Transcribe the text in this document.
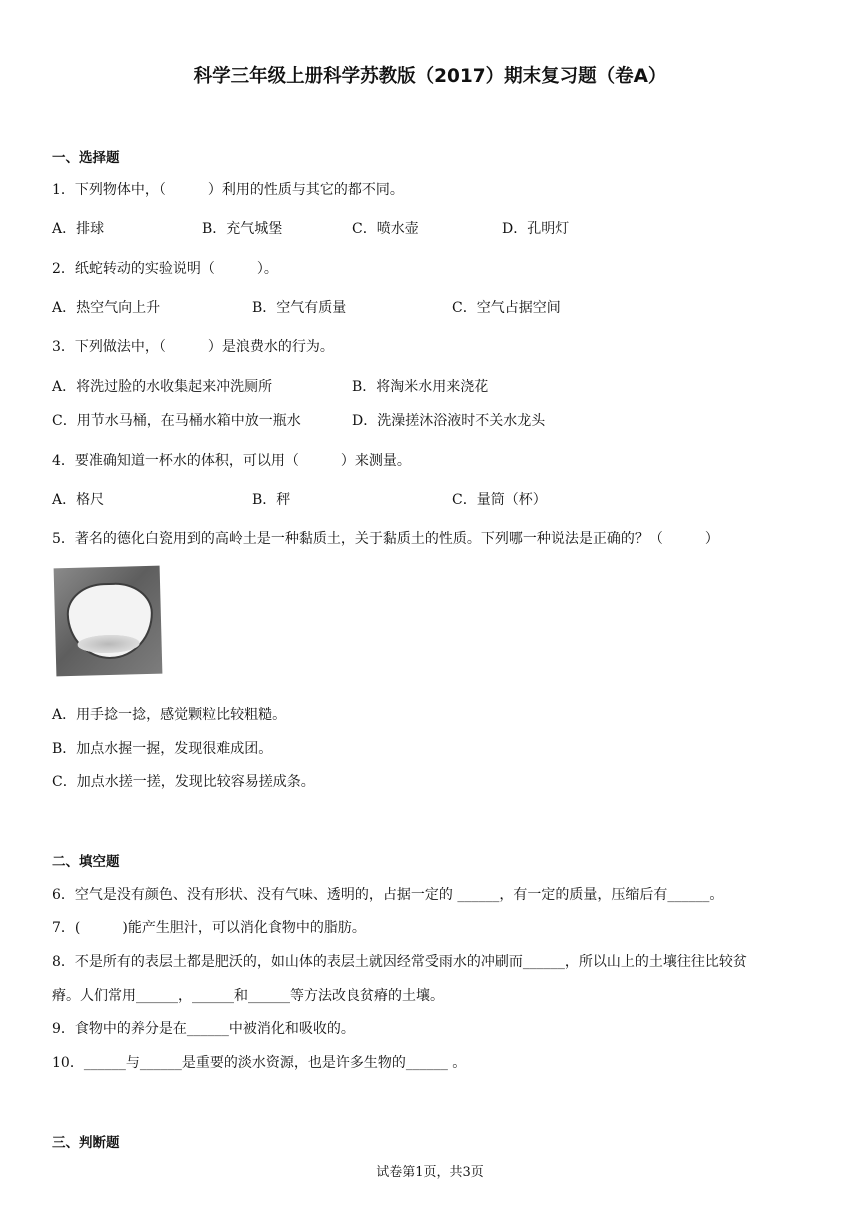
科学三年级上册科学苏教版（2017）期末复习题（卷A）
一、选择题
1．下列物体中，（　　　）利用的性质与其它的都不同。
A．排球	B．充气城堡	C．喷水壶	D．孔明灯
2．纸蛇转动的实验说明（　　　）。
A．热空气向上升	B．空气有质量	C．空气占据空间
3．下列做法中，（　　　）是浪费水的行为。
A．将洗过脸的水收集起来冲洗厕所	B．将淘米水用来浇花
C．用节水马桶，在马桶水箱中放一瓶水	D．洗澡搓沐浴液时不关水龙头
4．要准确知道一杯水的体积，可以用（　　　）来测量。
A．格尺	B．秤	C．量筒（杯）
5．著名的德化白瓷用到的高岭土是一种黏质土，关于黏质土的性质。下列哪一种说法是正确的？（　　　）
A．用手捻一捻，感觉颗粒比较粗糙。
B．加点水握一握，发现很难成团。
C．加点水搓一搓，发现比较容易搓成条。
二、填空题
6．空气是没有颜色、没有形状、没有气味、透明的，占据一定的 ______，有一定的质量，压缩后有______。
7．(　　　)能产生胆汁，可以消化食物中的脂肪。
8．不是所有的表层土都是肥沃的，如山体的表层土就因经常受雨水的冲刷而______，所以山上的土壤往往比较贫
瘠。人们常用______，______和______等方法改良贫瘠的土壤。
9．食物中的养分是在______中被消化和吸收的。
10．______与______是重要的淡水资源，也是许多生物的______ 。
三、判断题
试卷第1页，共3页
